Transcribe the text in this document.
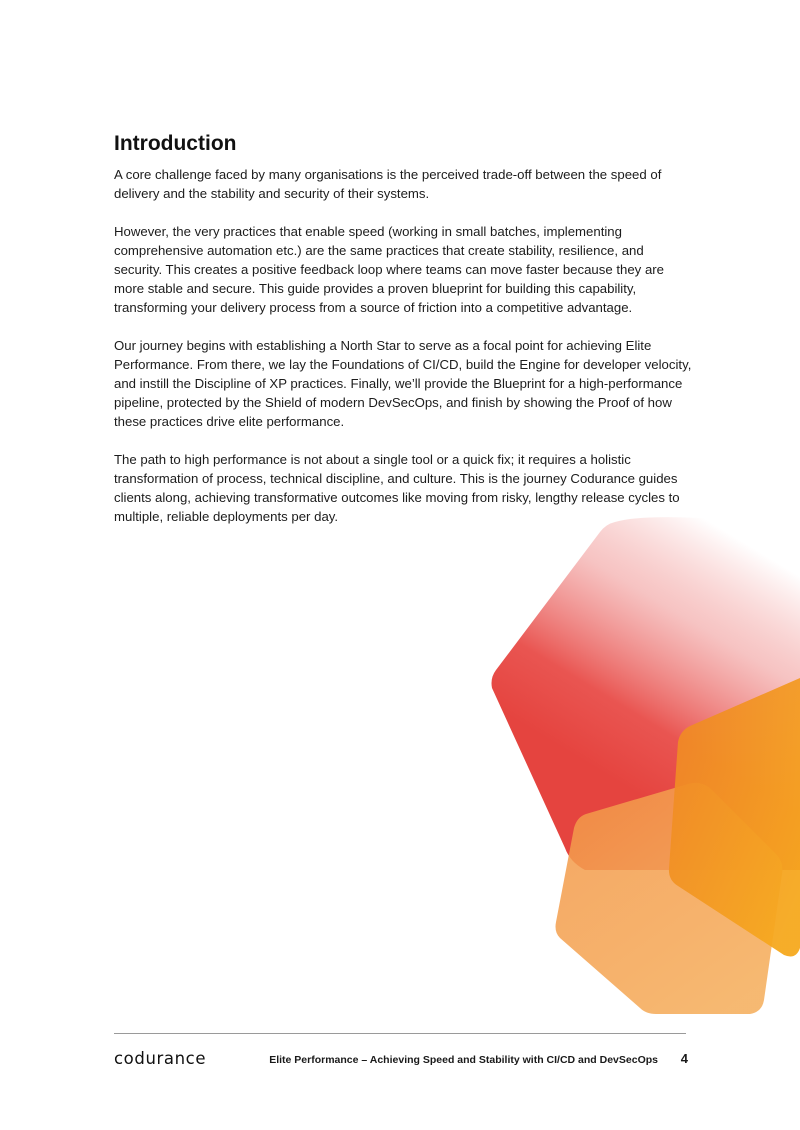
Introduction

A core challenge faced by many organisations is the perceived trade-off between the speed of delivery and the stability and security of their systems.

However, the very practices that enable speed (working in small batches, implementing comprehensive automation etc.) are the same practices that create stability, resilience, and security. This creates a positive feedback loop where teams can move faster because they are more stable and secure. This guide provides a proven blueprint for building this capability, transforming your delivery process from a source of friction into a competitive advantage.

Our journey begins with establishing a North Star to serve as a focal point for achieving Elite Performance. From there, we lay the Foundations of CI/CD, build the Engine for developer velocity, and instill the Discipline of XP practices. Finally, we’ll provide the Blueprint for a high-performance pipeline, protected by the Shield of modern DevSecOps, and finish by showing the Proof of how these practices drive elite performance.

The path to high performance is not about a single tool or a quick fix; it requires a holistic transformation of process, technical discipline, and culture. This is the journey Codurance guides clients along, achieving transformative outcomes like moving from risky, lengthy release cycles to multiple, reliable deployments per day.

codurance	Elite Performance – Achieving Speed and Stability with CI/CD and DevSecOps	4
